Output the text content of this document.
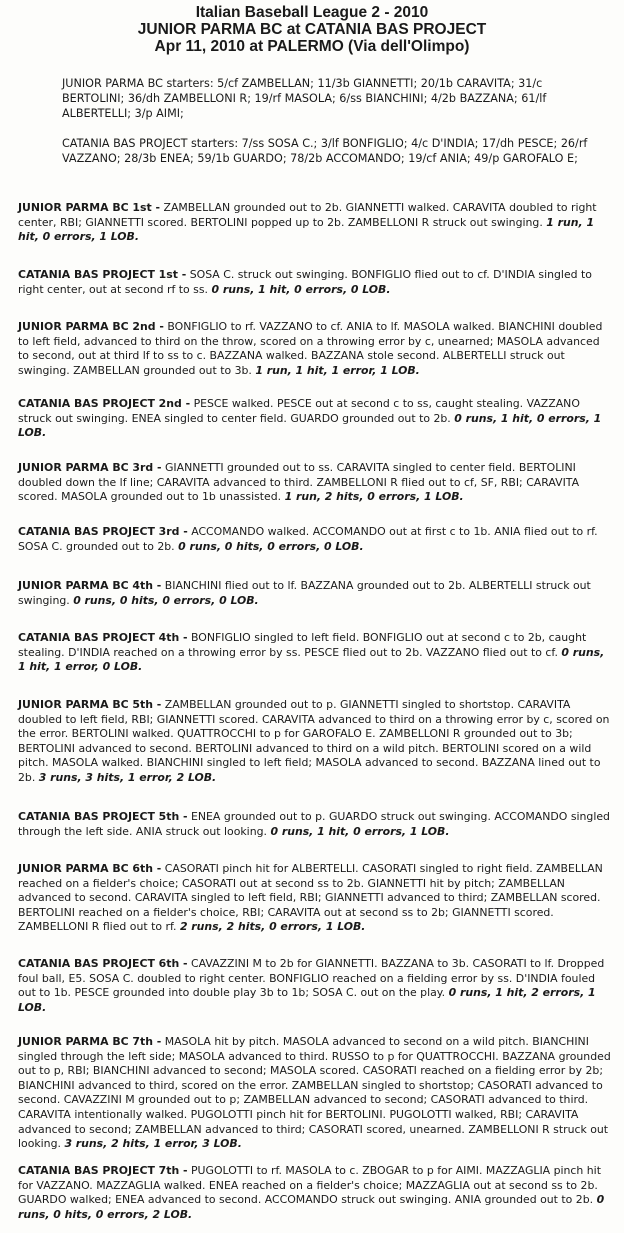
Italian Baseball League 2 - 2010
JUNIOR PARMA BC at CATANIA BAS PROJECT
Apr 11, 2010 at PALERMO (Via dell'Olimpo)
JUNIOR PARMA BC starters: 5/cf ZAMBELLAN; 11/3b GIANNETTI; 20/1b CARAVITA; 31/c BERTOLINI; 36/dh ZAMBELLONI R; 19/rf MASOLA; 6/ss BIANCHINI; 4/2b BAZZANA; 61/lf ALBERTELLI; 3/p AIMI;
CATANIA BAS PROJECT starters: 7/ss SOSA C.; 3/lf BONFIGLIO; 4/c D'INDIA; 17/dh PESCE; 26/rf VAZZANO; 28/3b ENEA; 59/1b GUARDO; 78/2b ACCOMANDO; 19/cf ANIA; 49/p GAROFALO E;
JUNIOR PARMA BC 1st - ZAMBELLAN grounded out to 2b. GIANNETTI walked. CARAVITA doubled to right center, RBI; GIANNETTI scored. BERTOLINI popped up to 2b. ZAMBELLONI R struck out swinging. 1 run, 1 hit, 0 errors, 1 LOB.
CATANIA BAS PROJECT 1st - SOSA C. struck out swinging. BONFIGLIO flied out to cf. D'INDIA singled to right center, out at second rf to ss. 0 runs, 1 hit, 0 errors, 0 LOB.
JUNIOR PARMA BC 2nd - BONFIGLIO to rf. VAZZANO to cf. ANIA to lf. MASOLA walked. BIANCHINI doubled to left field, advanced to third on the throw, scored on a throwing error by c, unearned; MASOLA advanced to second, out at third lf to ss to c. BAZZANA walked. BAZZANA stole second. ALBERTELLI struck out swinging. ZAMBELLAN grounded out to 3b. 1 run, 1 hit, 1 error, 1 LOB.
CATANIA BAS PROJECT 2nd - PESCE walked. PESCE out at second c to ss, caught stealing. VAZZANO struck out swinging. ENEA singled to center field. GUARDO grounded out to 2b. 0 runs, 1 hit, 0 errors, 1 LOB.
JUNIOR PARMA BC 3rd - GIANNETTI grounded out to ss. CARAVITA singled to center field. BERTOLINI doubled down the lf line; CARAVITA advanced to third. ZAMBELLONI R flied out to cf, SF, RBI; CARAVITA scored. MASOLA grounded out to 1b unassisted. 1 run, 2 hits, 0 errors, 1 LOB.
CATANIA BAS PROJECT 3rd - ACCOMANDO walked. ACCOMANDO out at first c to 1b. ANIA flied out to rf. SOSA C. grounded out to 2b. 0 runs, 0 hits, 0 errors, 0 LOB.
JUNIOR PARMA BC 4th - BIANCHINI flied out to lf. BAZZANA grounded out to 2b. ALBERTELLI struck out swinging. 0 runs, 0 hits, 0 errors, 0 LOB.
CATANIA BAS PROJECT 4th - BONFIGLIO singled to left field. BONFIGLIO out at second c to 2b, caught stealing. D'INDIA reached on a throwing error by ss. PESCE flied out to 2b. VAZZANO flied out to cf. 0 runs, 1 hit, 1 error, 0 LOB.
JUNIOR PARMA BC 5th - ZAMBELLAN grounded out to p. GIANNETTI singled to shortstop. CARAVITA doubled to left field, RBI; GIANNETTI scored. CARAVITA advanced to third on a throwing error by c, scored on the error. BERTOLINI walked. QUATTROCCHI to p for GAROFALO E. ZAMBELLONI R grounded out to 3b; BERTOLINI advanced to second. BERTOLINI advanced to third on a wild pitch. BERTOLINI scored on a wild pitch. MASOLA walked. BIANCHINI singled to left field; MASOLA advanced to second. BAZZANA lined out to 2b. 3 runs, 3 hits, 1 error, 2 LOB.
CATANIA BAS PROJECT 5th - ENEA grounded out to p. GUARDO struck out swinging. ACCOMANDO singled through the left side. ANIA struck out looking. 0 runs, 1 hit, 0 errors, 1 LOB.
JUNIOR PARMA BC 6th - CASORATI pinch hit for ALBERTELLI. CASORATI singled to right field. ZAMBELLAN reached on a fielder's choice; CASORATI out at second ss to 2b. GIANNETTI hit by pitch; ZAMBELLAN advanced to second. CARAVITA singled to left field, RBI; GIANNETTI advanced to third; ZAMBELLAN scored. BERTOLINI reached on a fielder's choice, RBI; CARAVITA out at second ss to 2b; GIANNETTI scored. ZAMBELLONI R flied out to rf. 2 runs, 2 hits, 0 errors, 1 LOB.
CATANIA BAS PROJECT 6th - CAVAZZINI M to 2b for GIANNETTI. BAZZANA to 3b. CASORATI to lf. Dropped foul ball, E5. SOSA C. doubled to right center. BONFIGLIO reached on a fielding error by ss. D'INDIA fouled out to 1b. PESCE grounded into double play 3b to 1b; SOSA C. out on the play. 0 runs, 1 hit, 2 errors, 1 LOB.
JUNIOR PARMA BC 7th - MASOLA hit by pitch. MASOLA advanced to second on a wild pitch. BIANCHINI singled through the left side; MASOLA advanced to third. RUSSO to p for QUATTROCCHI. BAZZANA grounded out to p, RBI; BIANCHINI advanced to second; MASOLA scored. CASORATI reached on a fielding error by 2b; BIANCHINI advanced to third, scored on the error. ZAMBELLAN singled to shortstop; CASORATI advanced to second. CAVAZZINI M grounded out to p; ZAMBELLAN advanced to second; CASORATI advanced to third. CARAVITA intentionally walked. PUGOLOTTI pinch hit for BERTOLINI. PUGOLOTTI walked, RBI; CARAVITA advanced to second; ZAMBELLAN advanced to third; CASORATI scored, unearned. ZAMBELLONI R struck out looking. 3 runs, 2 hits, 1 error, 3 LOB.
CATANIA BAS PROJECT 7th - PUGOLOTTI to rf. MASOLA to c. ZBOGAR to p for AIMI. MAZZAGLIA pinch hit for VAZZANO. MAZZAGLIA walked. ENEA reached on a fielder's choice; MAZZAGLIA out at second ss to 2b. GUARDO walked; ENEA advanced to second. ACCOMANDO struck out swinging. ANIA grounded out to 2b. 0 runs, 0 hits, 0 errors, 2 LOB.
